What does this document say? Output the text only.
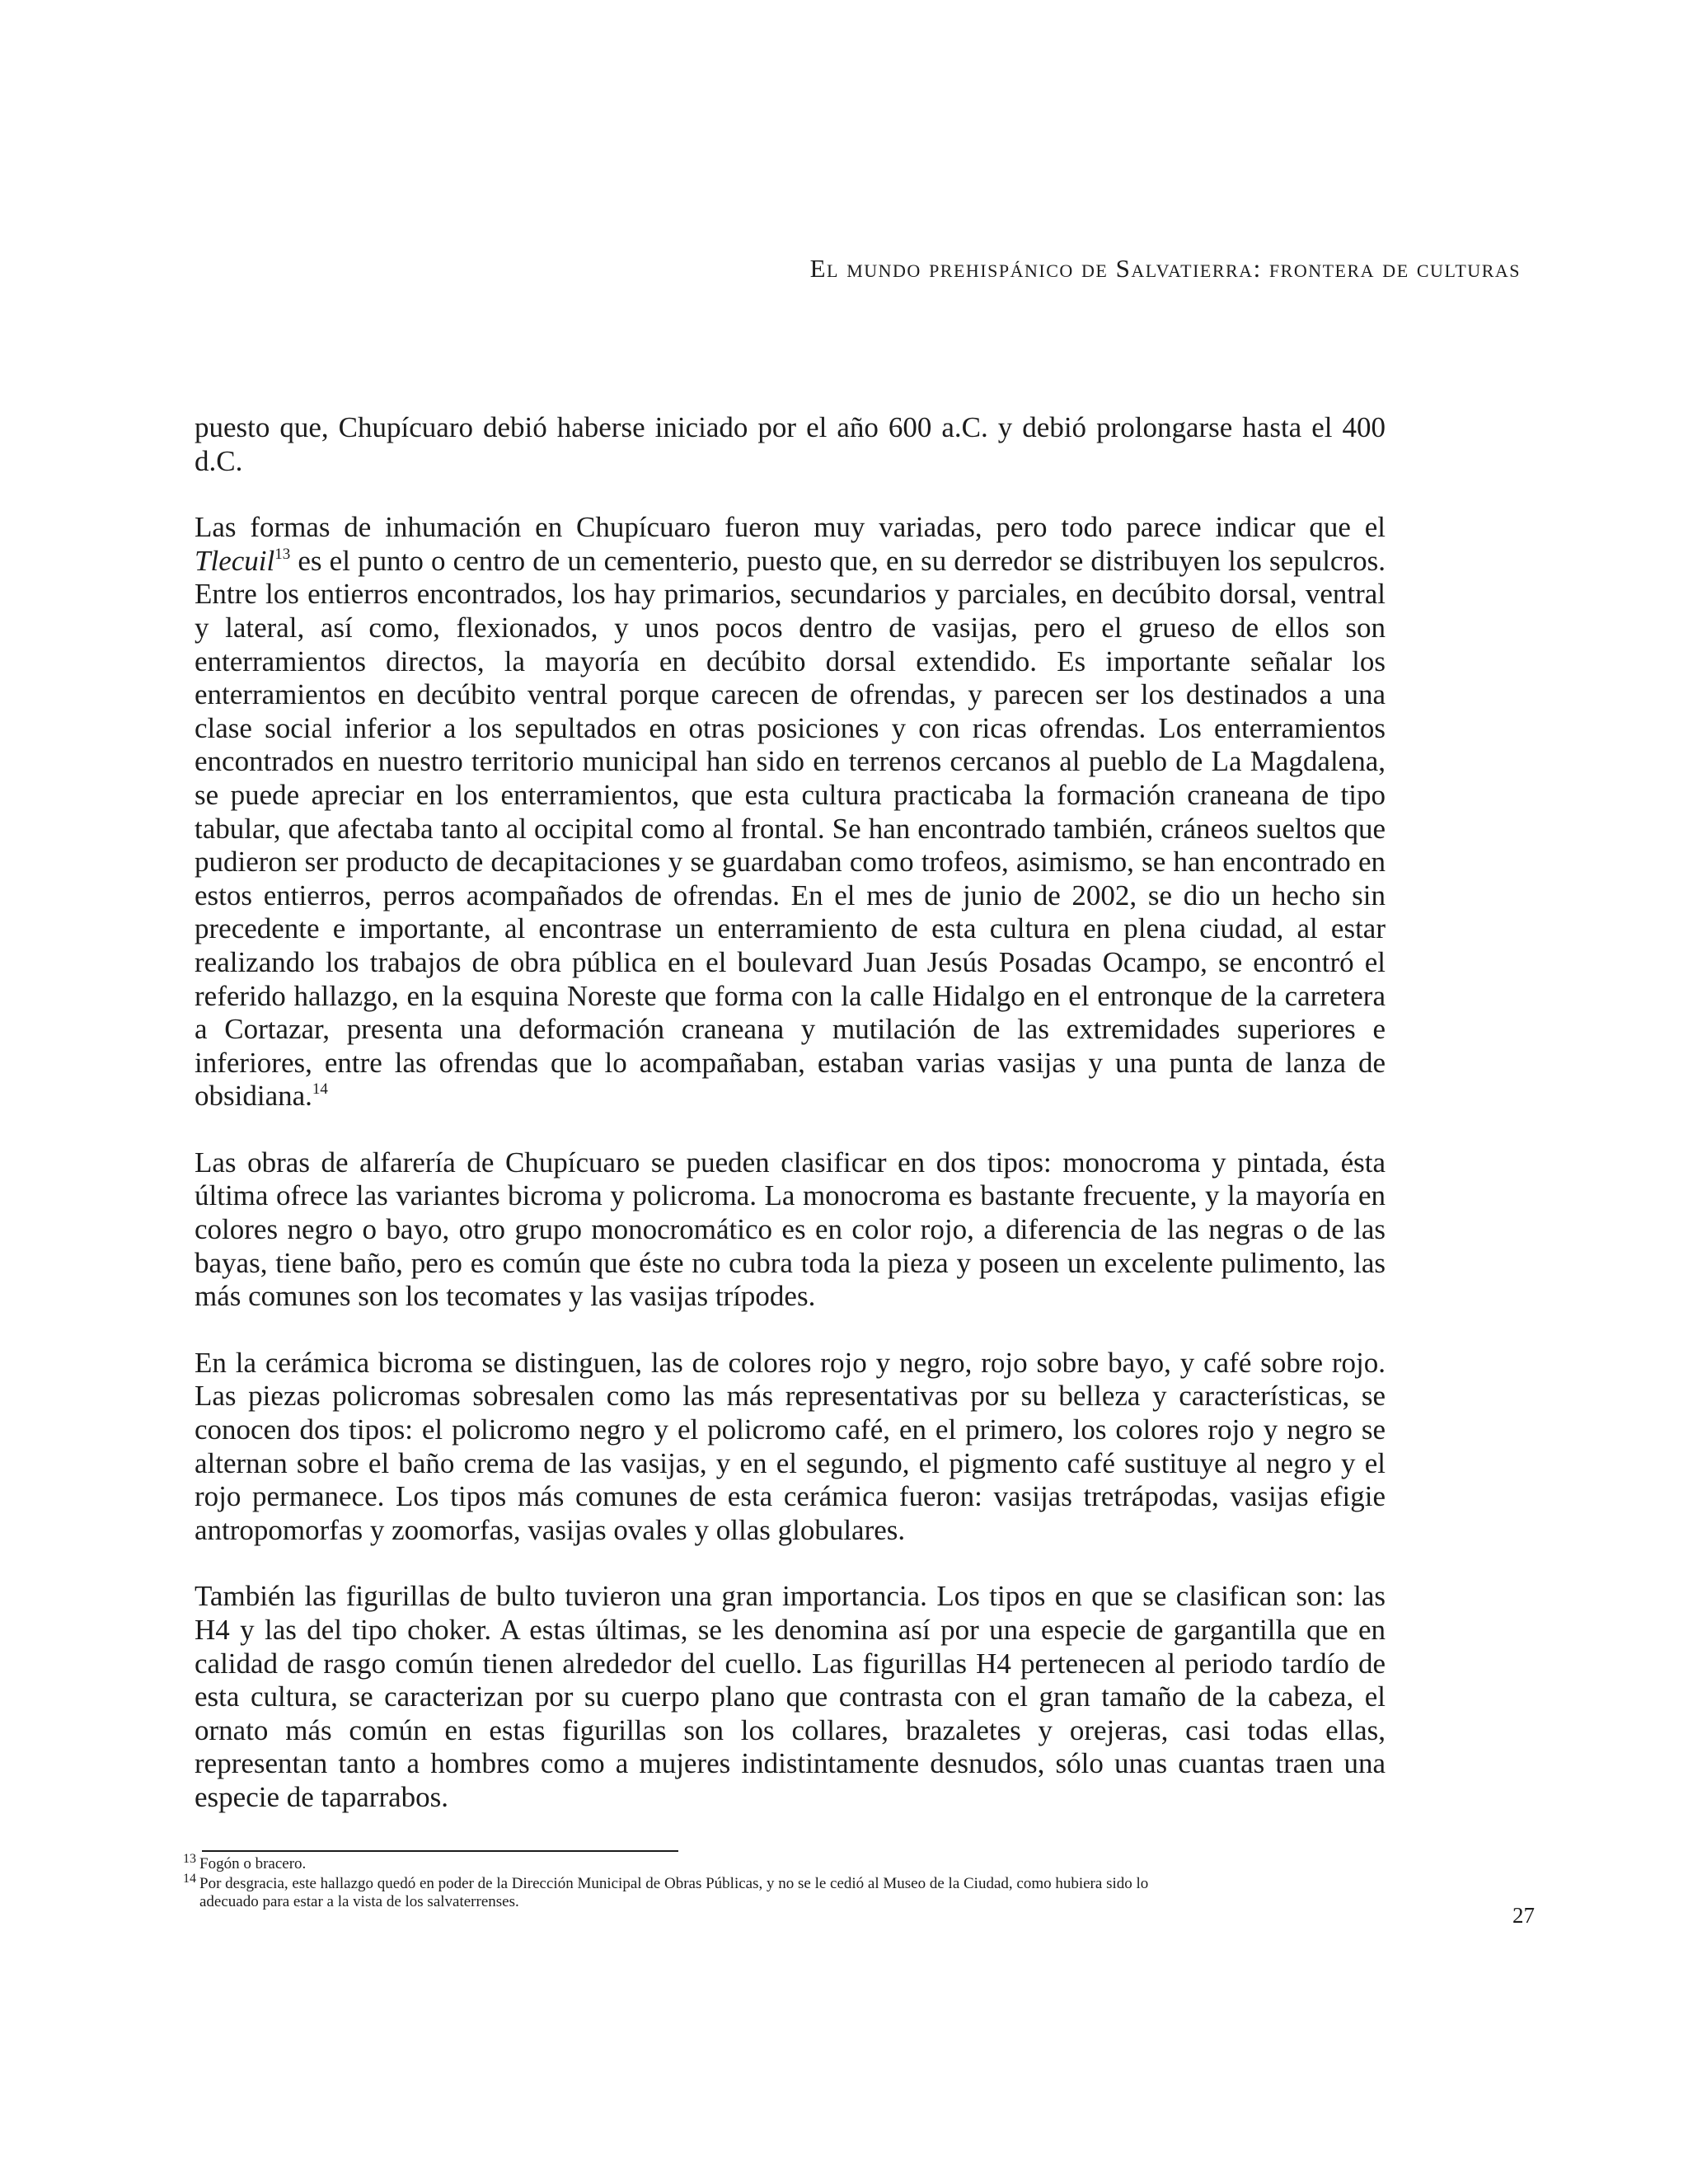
El mundo prehispánico de Salvatierra: frontera de culturas

puesto que, Chupícuaro debió haberse iniciado por el año 600 a.C. y debió prolongarse hasta el 400 d.C.

Las formas de inhumación en Chupícuaro fueron muy variadas, pero todo parece indicar que el Tlecuil$^{13}$ es el punto o centro de un cementerio, puesto que, en su derredor se distribuyen los sepulcros. Entre los entierros encontrados, los hay primarios, secundarios y parciales, en decúbito dorsal, ventral y lateral, así como, flexionados, y unos pocos dentro de vasijas, pero el grueso de ellos son enterramientos directos, la mayoría en decúbito dorsal extendido. Es importante señalar los enterramientos en decúbito ventral porque carecen de ofrendas, y parecen ser los destinados a una clase social inferior a los sepultados en otras posiciones y con ricas ofrendas. Los enterramientos encontrados en nuestro territorio municipal han sido en terrenos cercanos al pueblo de La Magdalena, se puede apreciar en los enterramientos, que esta cultura practicaba la formación craneana de tipo tabular, que afectaba tanto al occipital como al frontal. Se han encontrado también, cráneos sueltos que pudieron ser producto de decapitaciones y se guardaban como trofeos, asimismo, se han encontrado en estos entierros, perros acompañados de ofrendas. En el mes de junio de 2002, se dio un hecho sin precedente e importante, al encontrase un enterramiento de esta cultura en plena ciudad, al estar realizando los trabajos de obra pública en el boulevard Juan Jesús Posadas Ocampo, se encontró el referido hallazgo, en la esquina Noreste que forma con la calle Hidalgo en el entronque de la carretera a Cortazar, presenta una deformación craneana y mutilación de las extremidades superiores e inferiores, entre las ofrendas que lo acompañaban, estaban varias vasijas y una punta de lanza de obsidiana.$^{14}$

Las obras de alfarería de Chupícuaro se pueden clasificar en dos tipos: monocroma y pintada, ésta última ofrece las variantes bicroma y policroma. La monocroma es bastante frecuente, y la mayoría en colores negro o bayo, otro grupo monocromático es en color rojo, a diferencia de las negras o de las bayas, tiene baño, pero es común que éste no cubra toda la pieza y poseen un excelente pulimento, las más comunes son los tecomates y las vasijas trípodes.

En la cerámica bicroma se distinguen, las de colores rojo y negro, rojo sobre bayo, y café sobre rojo. Las piezas policromas sobresalen como las más representativas por su belleza y características, se conocen dos tipos: el policromo negro y el policromo café, en el primero, los colores rojo y negro se alternan sobre el baño crema de las vasijas, y en el segundo, el pigmento café sustituye al negro y el rojo permanece. Los tipos más comunes de esta cerámica fueron: vasijas tretrápodas, vasijas efigie antropomorfas y zoomorfas, vasijas ovales y ollas globulares.

También las figurillas de bulto tuvieron una gran importancia. Los tipos en que se clasifican son: las H4 y las del tipo choker. A estas últimas, se les denomina así por una especie de gargantilla que en calidad de rasgo común tienen alrededor del cuello. Las figurillas H4 pertenecen al periodo tardío de esta cultura, se caracterizan por su cuerpo plano que contrasta con el gran tamaño de la cabeza, el ornato más común en estas figurillas son los collares, brazaletes y orejeras, casi todas ellas, representan tanto a hombres como a mujeres indistintamente desnudos, sólo unas cuantas traen una especie de taparrabos.

13 Fogón o bracero.
14 Por desgracia, este hallazgo quedó en poder de la Dirección Municipal de Obras Públicas, y no se le cedió al Museo de la Ciudad, como hubiera sido lo adecuado para estar a la vista de los salvaterrenses.
27
